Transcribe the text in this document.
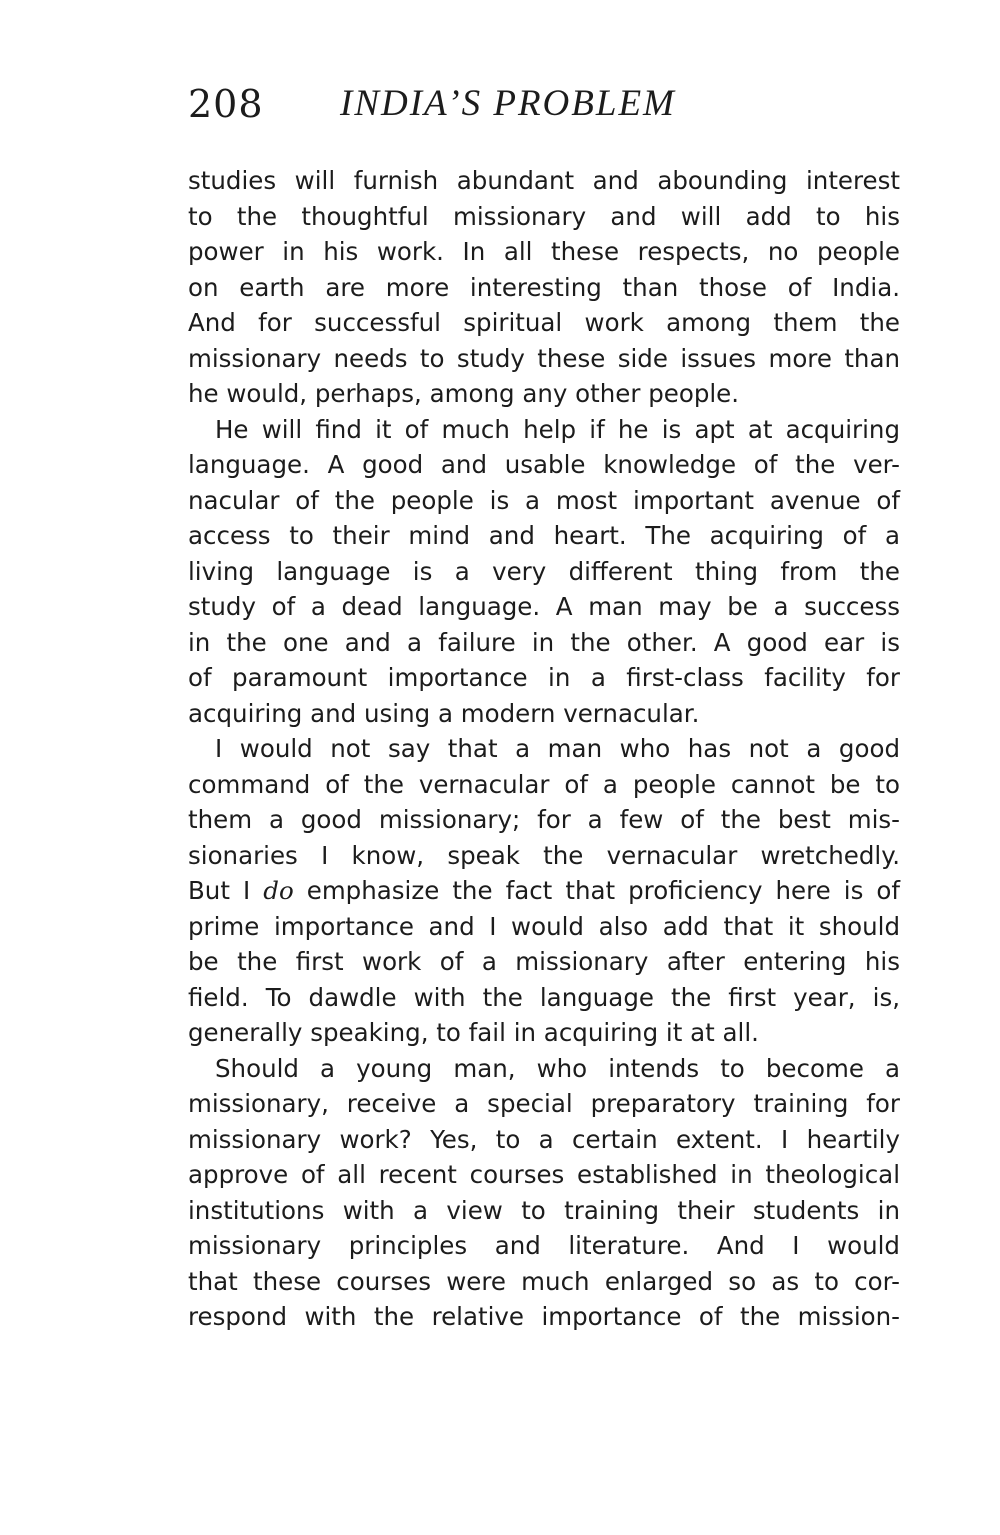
208 INDIA’S PROBLEM
studies will furnish abundant and abounding interest
to the thoughtful missionary and will add to his
power in his work. In all these respects, no people
on earth are more interesting than those of India.
And for successful spiritual work among them the
missionary needs to study these side issues more than
he would, perhaps, among any other people.
He will find it of much help if he is apt at acquiring
language. A good and usable knowledge of the ver-
nacular of the people is a most important avenue of
access to their mind and heart. The acquiring of a
living language is a very different thing from the
study of a dead language. A man may be a success
in the one and a failure in the other. A good ear is
of paramount importance in a first-class facility for
acquiring and using a modern vernacular.
I would not say that a man who has not a good
command of the vernacular of a people cannot be to
them a good missionary; for a few of the best mis-
sionaries I know, speak the vernacular wretchedly.
But I do emphasize the fact that proficiency here is of
prime importance and I would also add that it should
be the first work of a missionary after entering his
field. To dawdle with the language the first year, is,
generally speaking, to fail in acquiring it at all.
Should a young man, who intends to become a
missionary, receive a special preparatory training for
missionary work? Yes, to a certain extent. I heartily
approve of all recent courses established in theological
institutions with a view to training their students in
missionary principles and literature. And I would
that these courses were much enlarged so as to cor-
respond with the relative importance of the mission-
